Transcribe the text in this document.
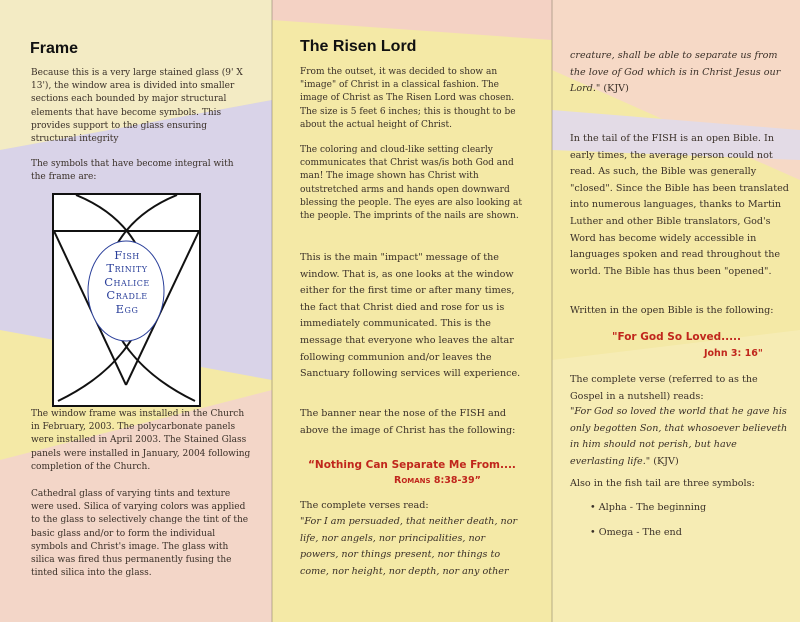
Frame

Because this is a very large stained glass (9' X 13'), the window area is divided into smaller sections each bounded by major structural elements that have become symbols. This provides support to the glass ensuring structural integrity

The symbols that have become integral with the frame are:

Fish
Trinity
Chalice
Cradle
Egg

The window frame was installed in the Church in February, 2003. The polycarbonate panels were installed in April 2003. The Stained Glass panels were installed in January, 2004 following completion of the Church.

Cathedral glass of varying tints and texture were used. Silica of varying colors was applied to the glass to selectively change the tint of the basic glass and/or to form the individual symbols and Christ's image. The glass with silica was fired thus permanently fusing the tinted silica into the glass.

The Risen Lord

From the outset, it was decided to show an "image" of Christ in a classical fashion. The image of Christ as The Risen Lord was chosen. The size is 5 feet 6 inches; this is thought to be about the actual height of Christ.

The coloring and cloud-like setting clearly communicates that Christ was/is both God and man! The image shown has Christ with outstretched arms and hands open downward blessing the people. The eyes are also looking at the people. The imprints of the nails are shown.

This is the main "impact" message of the window. That is, as one looks at the window either for the first time or after many times, the fact that Christ died and rose for us is immediately communicated. This is the message that everyone who leaves the altar following communion and/or leaves the Sanctuary following services will experience.

The banner near the nose of the FISH and above the image of Christ has the following:

“Nothing Can Separate Me From....
Romans 8:38-39”

The complete verses read:

"For I am persuaded, that neither death, nor life, nor angels, nor principalities, nor powers, nor things present, nor things to come, nor height, nor depth, nor any other

creature, shall be able to separate us from the love of God which is in Christ Jesus our Lord." (KJV)

In the tail of the FISH is an open Bible. In early times, the average person could not read. As such, the Bible was generally "closed". Since the Bible has been translated into numerous languages, thanks to Martin Luther and other Bible translators, God's Word has become widely accessible in languages spoken and read throughout the world. The Bible has thus been "opened".

Written in the open Bible is the following:

"For God So Loved.....
John 3: 16"

The complete verse (referred to as the Gospel in a nutshell) reads:

"For God so loved the world that he gave his only begotten Son, that whosoever believeth in him should not perish, but have everlasting life." (KJV)

Also in the fish tail are three symbols:

• Alpha - The beginning
• Omega - The end
